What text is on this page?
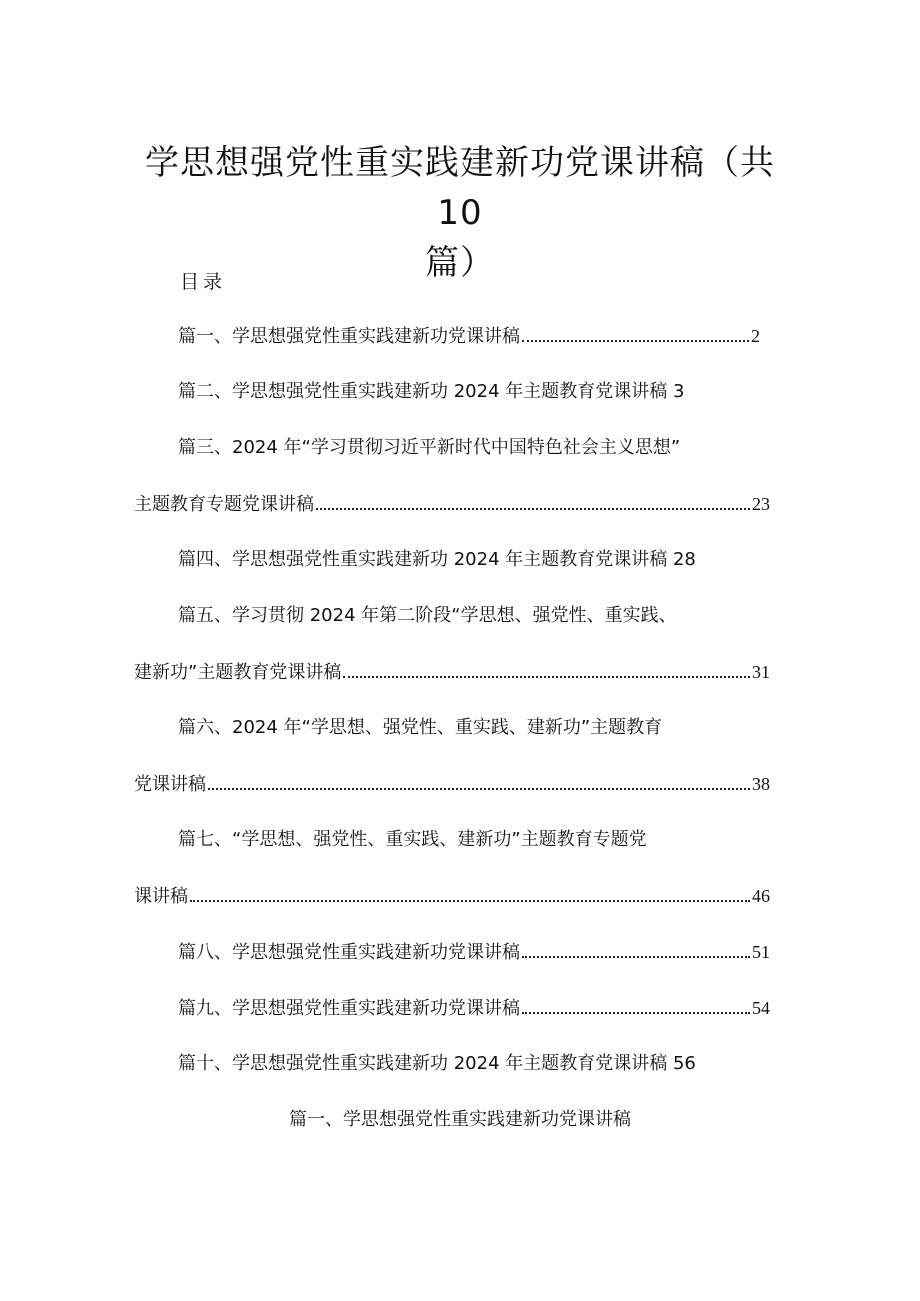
学思想强党性重实践建新功党课讲稿（共 10
篇）
目录
篇一、学思想强党性重实践建新功党课讲稿	2
篇二、学思想强党性重实践建新功 2024 年主题教育党课讲稿 3
篇三、2024 年“学习贯彻习近平新时代中国特色社会主义思想”
主题教育专题党课讲稿	23
篇四、学思想强党性重实践建新功 2024 年主题教育党课讲稿 28
篇五、学习贯彻 2024 年第二阶段“学思想、强党性、重实践、
建新功”主题教育党课讲稿	31
篇六、2024 年“学思想、强党性、重实践、建新功”主题教育
党课讲稿	38
篇七、“学思想、强党性、重实践、建新功”主题教育专题党
课讲稿	46
篇八、学思想强党性重实践建新功党课讲稿	51
篇九、学思想强党性重实践建新功党课讲稿	54
篇十、学思想强党性重实践建新功 2024 年主题教育党课讲稿 56
篇一、学思想强党性重实践建新功党课讲稿
